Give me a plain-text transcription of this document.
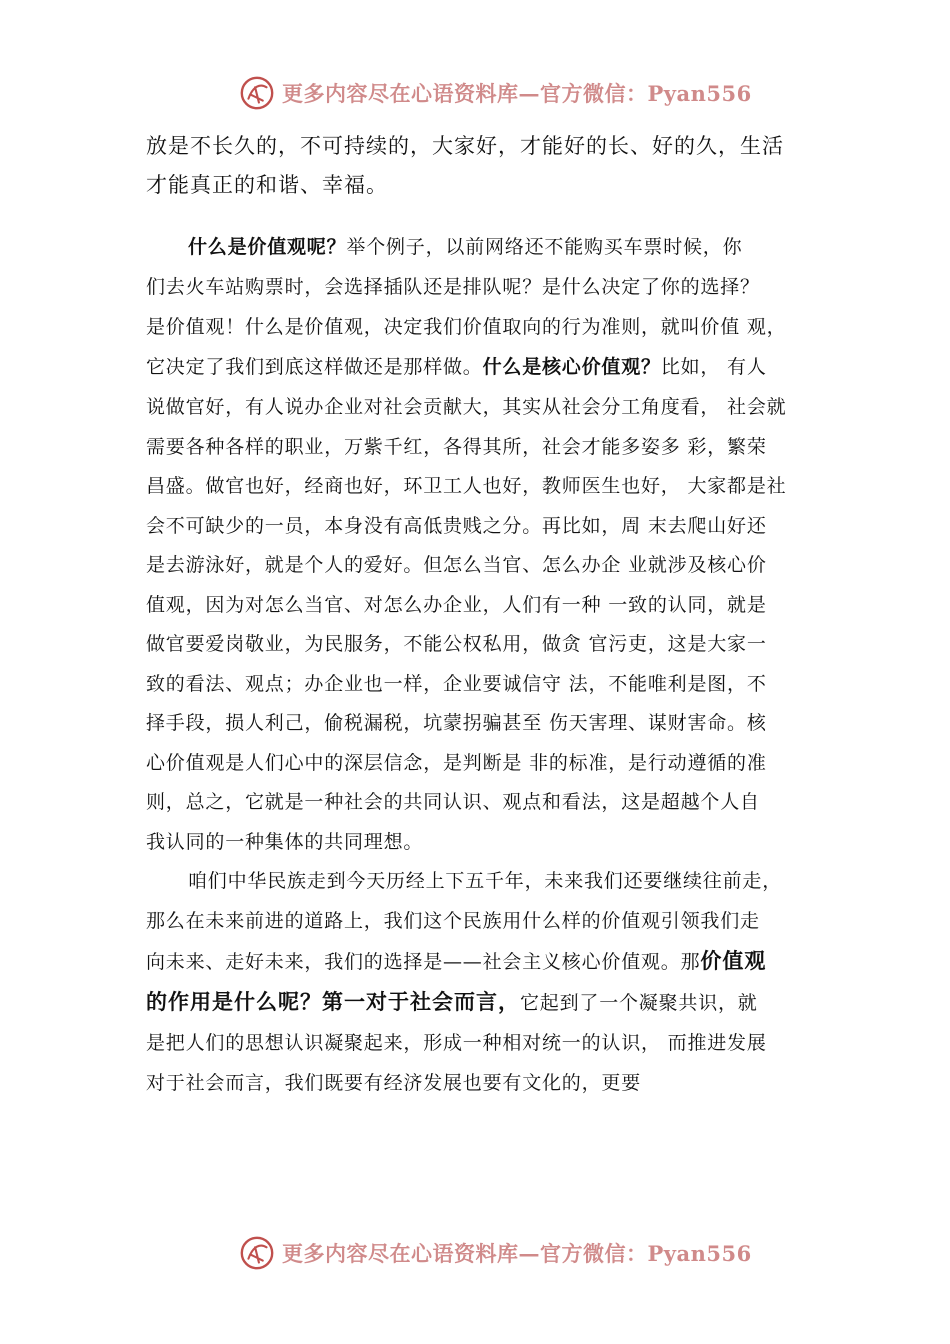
更多内容尽在心语资料库—官方微信：Pyan556
放是不长久的，不可持续的，大家好，才能好的长、好的久，生活
才能真正的和谐、幸福。
什么是价值观呢？举个例子，以前网络还不能购买车票时候，你
们去火车站购票时，会选择插队还是排队呢？是什么决定了你的选择？
是价值观！什么是价值观，决定我们价值取向的行为准则，就叫价值 观，
它决定了我们到底这样做还是那样做。什么是核心价值观？比如， 有人
说做官好，有人说办企业对社会贡献大，其实从社会分工角度看， 社会就
需要各种各样的职业，万紫千红，各得其所，社会才能多姿多 彩，繁荣
昌盛。做官也好，经商也好，环卫工人也好，教师医生也好， 大家都是社
会不可缺少的一员，本身没有高低贵贱之分。再比如，周 末去爬山好还
是去游泳好，就是个人的爱好。但怎么当官、怎么办企 业就涉及核心价
值观，因为对怎么当官、对怎么办企业，人们有一种 一致的认同，就是
做官要爱岗敬业，为民服务，不能公权私用，做贪 官污吏，这是大家一
致的看法、观点；办企业也一样，企业要诚信守 法，不能唯利是图，不
择手段，损人利己，偷税漏税，坑蒙拐骗甚至 伤天害理、谋财害命。核
心价值观是人们心中的深层信念，是判断是 非的标准，是行动遵循的准
则，总之，它就是一种社会的共同认识、观点和看法，这是超越个人自
我认同的一种集体的共同理想。
咱们中华民族走到今天历经上下五千年，未来我们还要继续往前走，
那么在未来前进的道路上，我们这个民族用什么样的价值观引领我们走
向未来、走好未来，我们的选择是——社会主义核心价值观。那价值观
的作用是什么呢？第一对于社会而言，它起到了一个凝聚共识，就
是把人们的思想认识凝聚起来，形成一种相对统一的认识， 而推进发展
对于社会而言，我们既要有经济发展也要有文化的，更要
更多内容尽在心语资料库—官方微信：Pyan556
